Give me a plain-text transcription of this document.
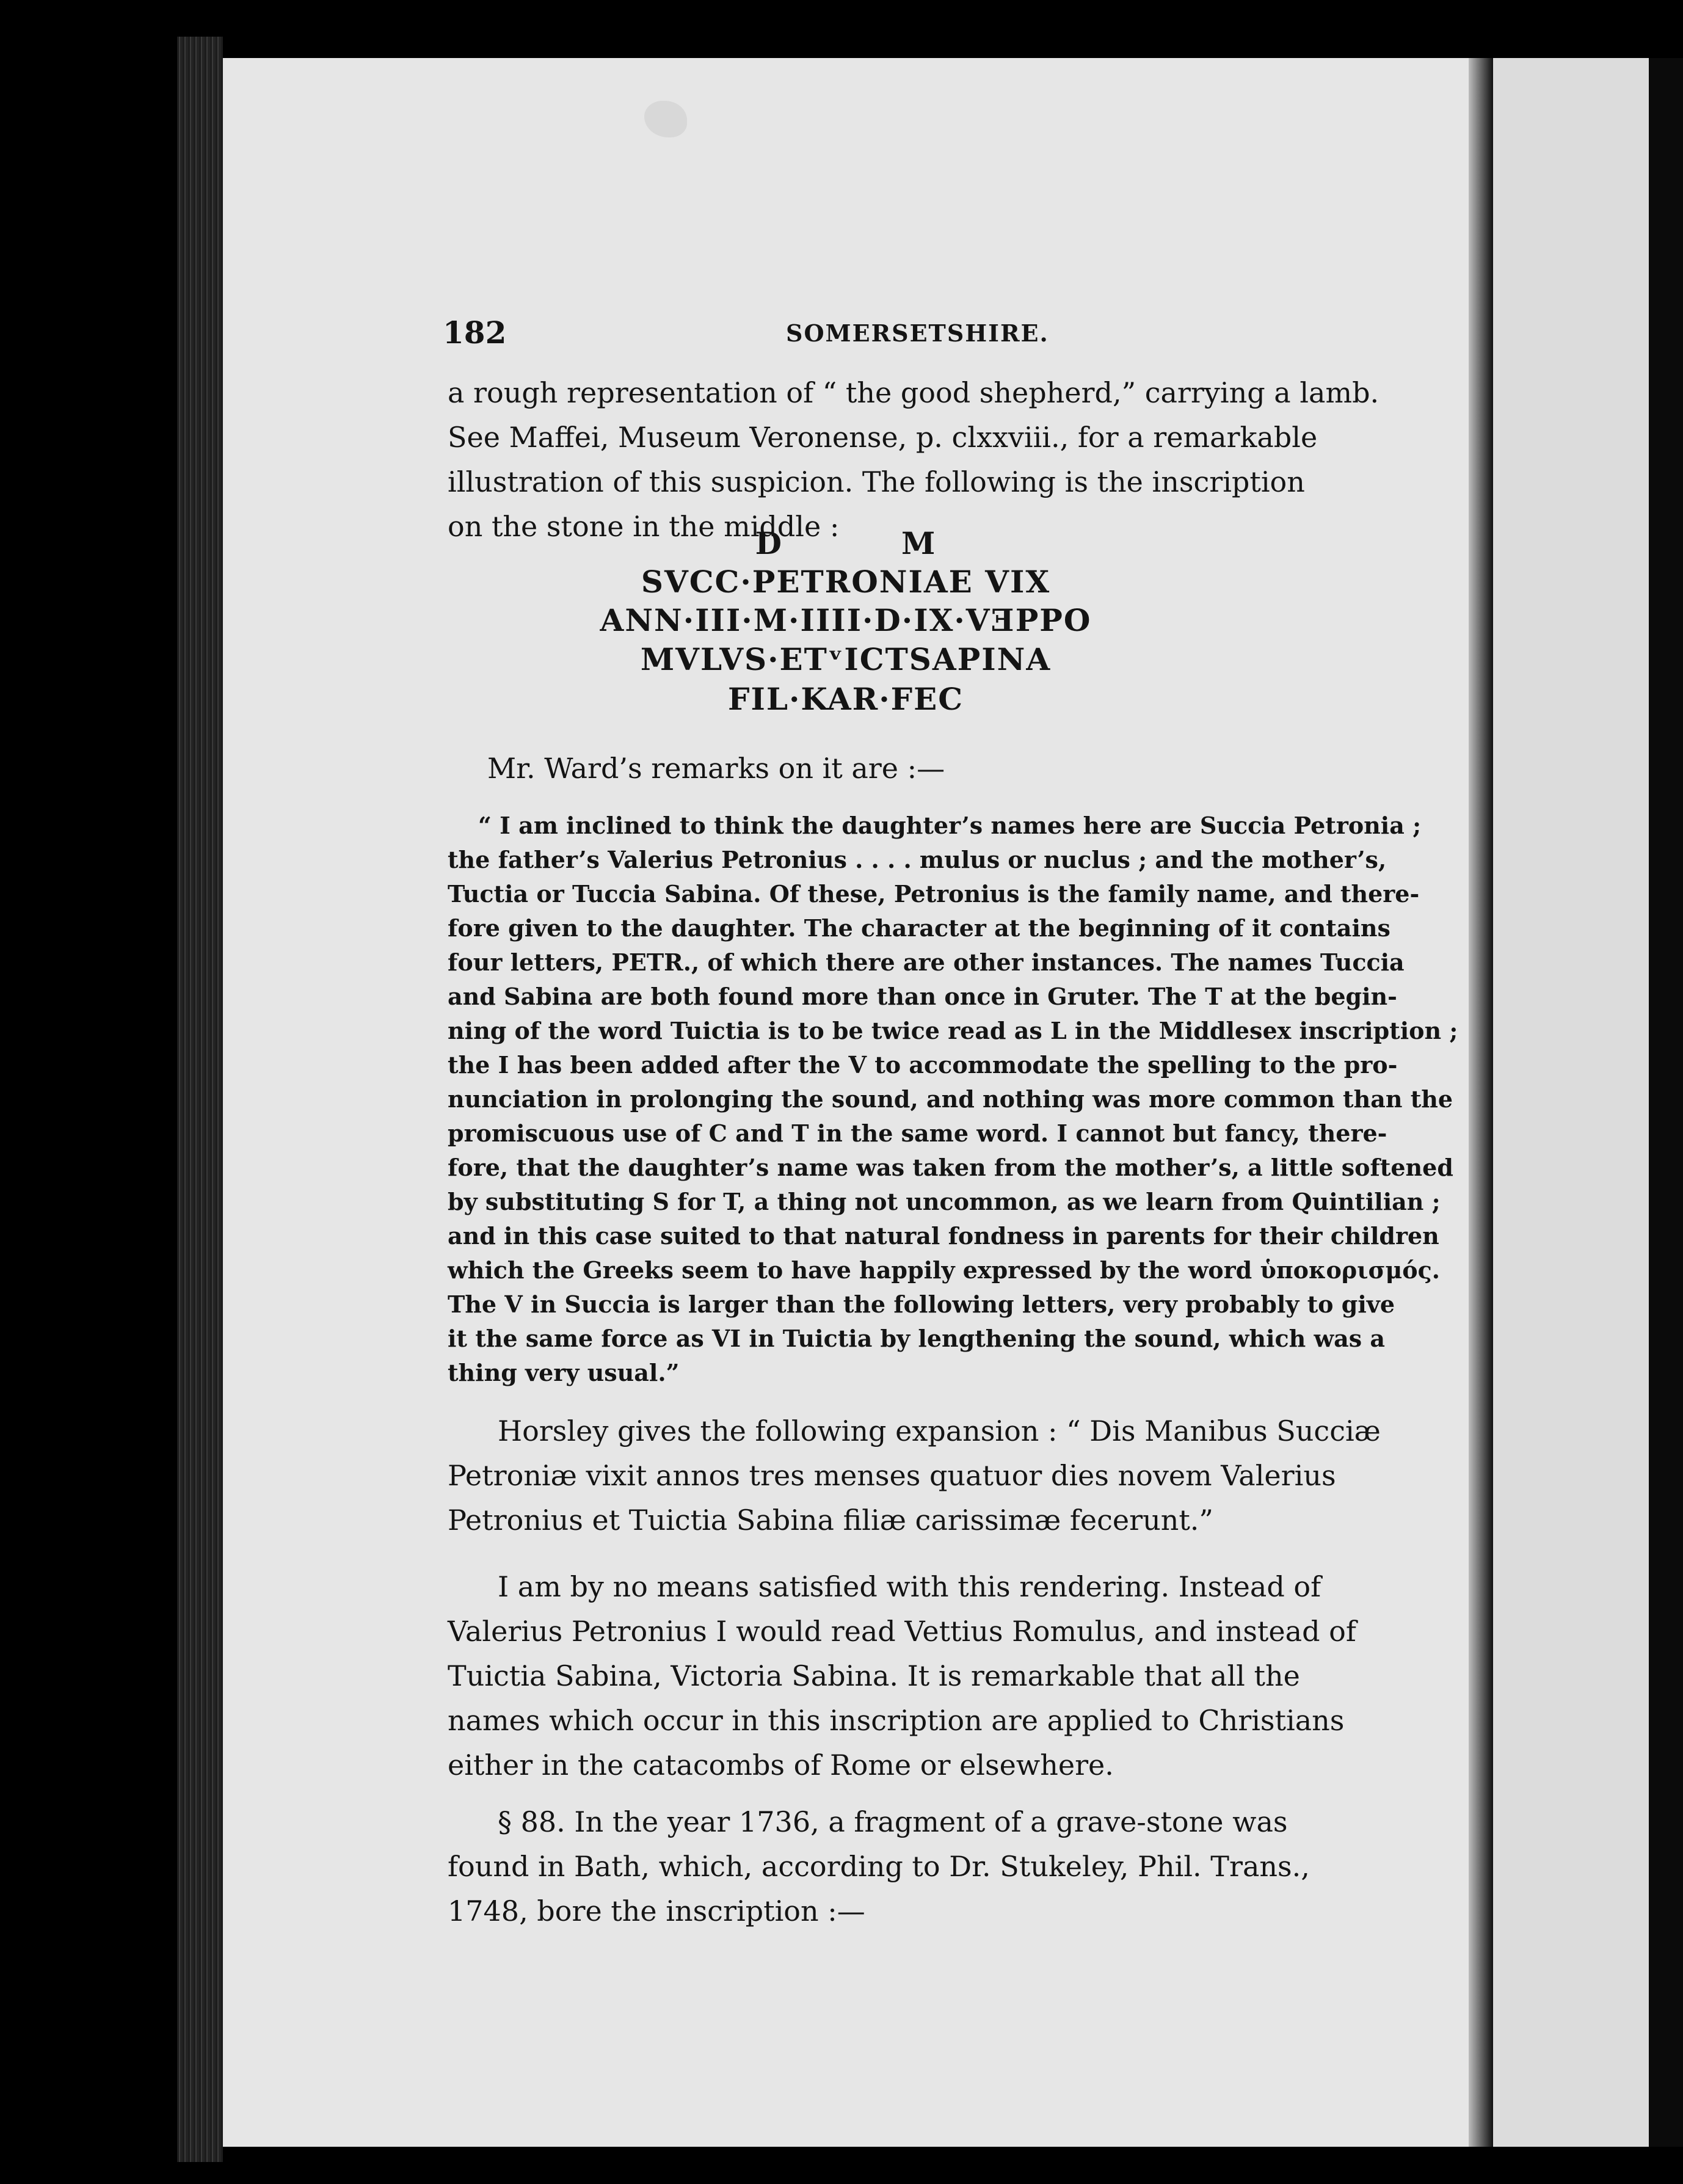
182	SOMERSETSHIRE.
a rough representation of “ the good shepherd,” carrying a lamb.
See Maffei, Museum Veronense, p. clxxviii., for a remarkable
illustration of this suspicion. The following is the inscription
on the stone in the middle :
D          M
SVCC·PETRONIAE VIX
ANN·III·M·IIII·D·IX·VƎPPO
MVLVS·ETᵛICTSAPINA
FIL·KAR·FEC
Mr. Ward’s remarks on it are :—
“ I am inclined to think the daughter’s names here are Succia Petronia ;
the father’s Valerius Petronius . . . . mulus or nuclus ; and the mother’s,
Tuctia or Tuccia Sabina. Of these, Petronius is the family name, and there-
fore given to the daughter. The character at the beginning of it contains
four letters, PETR., of which there are other instances. The names Tuccia
and Sabina are both found more than once in Gruter. The T at the begin-
ning of the word Tuictia is to be twice read as L in the Middlesex inscription ;
the I has been added after the V to accommodate the spelling to the pro-
nunciation in prolonging the sound, and nothing was more common than the
promiscuous use of C and T in the same word. I cannot but fancy, there-
fore, that the daughter’s name was taken from the mother’s, a little softened
by substituting S for T, a thing not uncommon, as we learn from Quintilian ;
and in this case suited to that natural fondness in parents for their children
which the Greeks seem to have happily expressed by the word ὑποκορισμός.
The V in Succia is larger than the following letters, very probably to give
it the same force as VI in Tuictia by lengthening the sound, which was a
thing very usual.”
Horsley gives the following expansion : “ Dis Manibus Succiæ
Petroniæ vixit annos tres menses quatuor dies novem Valerius
Petronius et Tuictia Sabina filiæ carissimæ fecerunt.”
I am by no means satisfied with this rendering. Instead of
Valerius Petronius I would read Vettius Romulus, and instead of
Tuictia Sabina, Victoria Sabina. It is remarkable that all the
names which occur in this inscription are applied to Christians
either in the catacombs of Rome or elsewhere.
§ 88. In the year 1736, a fragment of a grave-stone was
found in Bath, which, according to Dr. Stukeley, Phil. Trans.,
1748, bore the inscription :—
